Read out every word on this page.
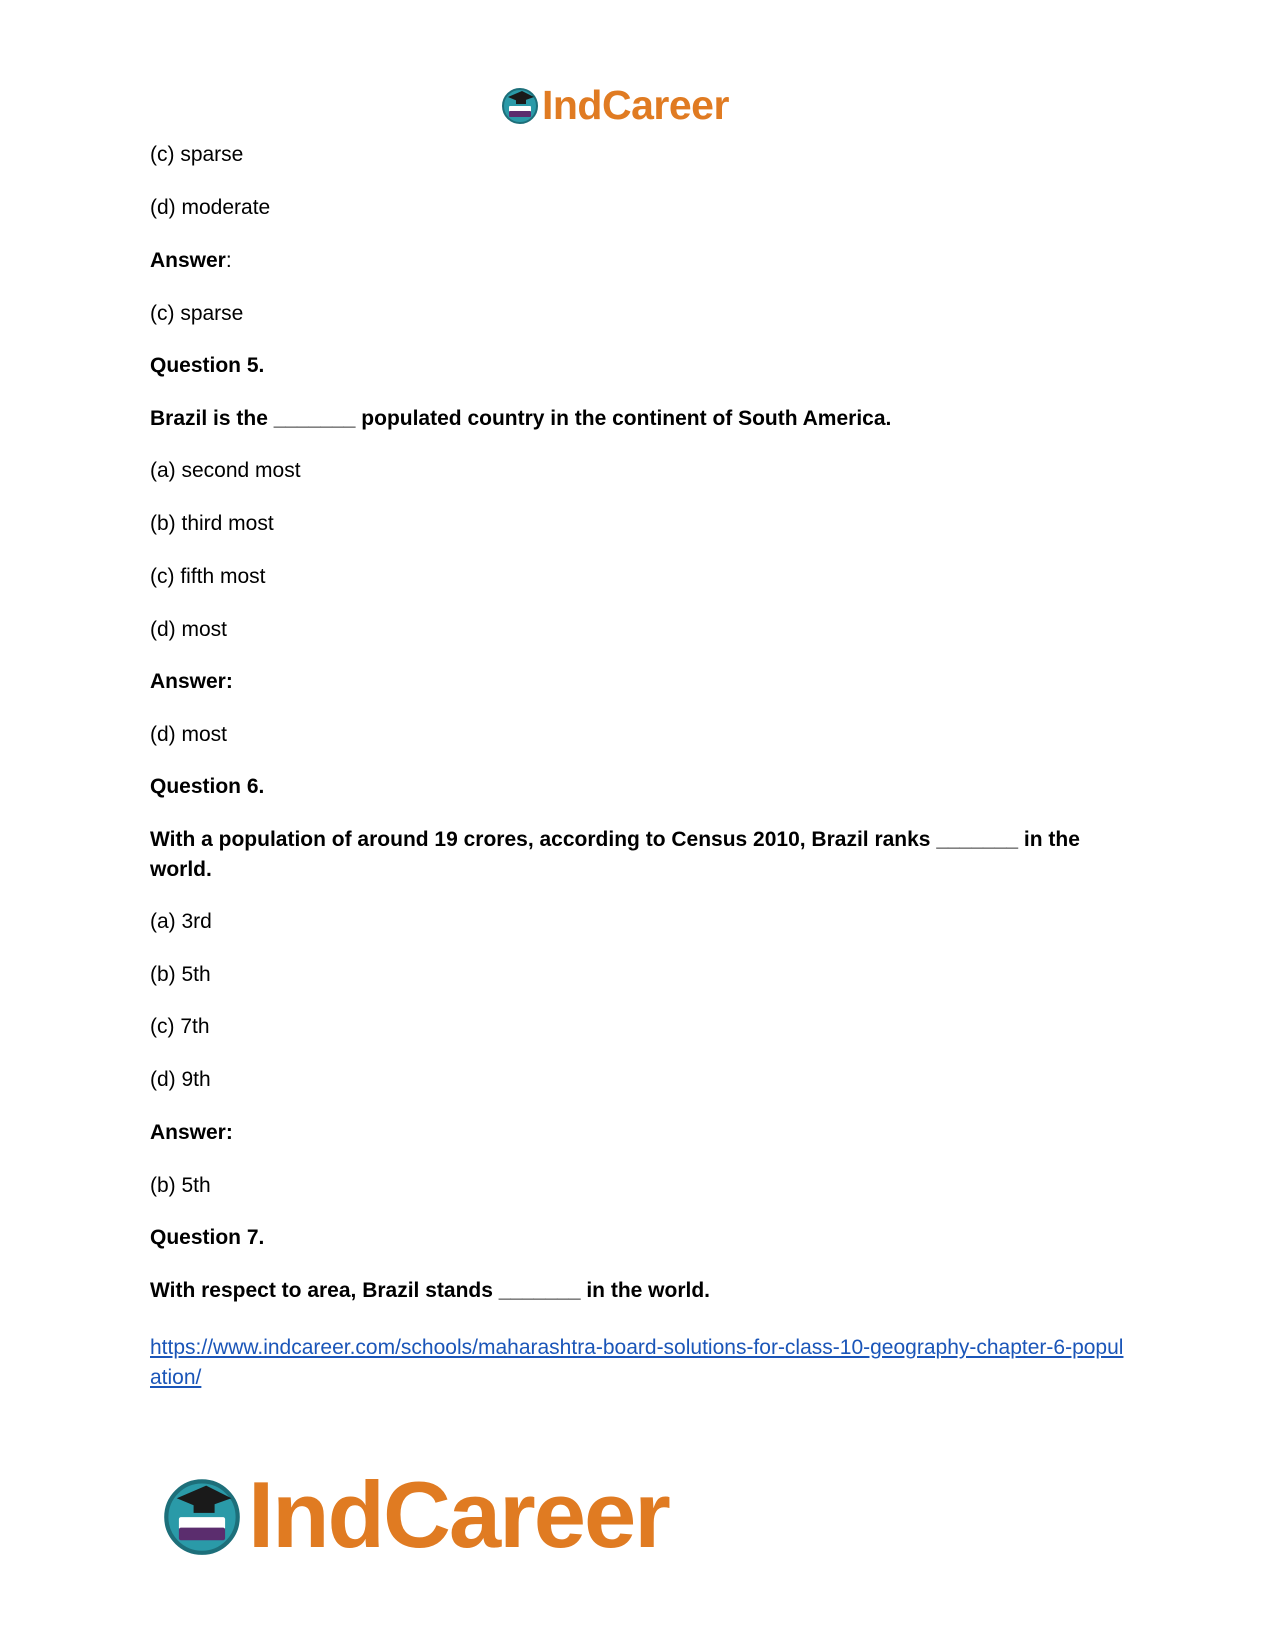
IndCareer
(c) sparse
(d) moderate
Answer:
(c) sparse
Question 5.
Brazil is the _______ populated country in the continent of South America.
(a) second most
(b) third most
(c) fifth most
(d) most
Answer:
(d) most
Question 6.
With a population of around 19 crores, according to Census 2010, Brazil ranks _______ in the world.
(a) 3rd
(b) 5th
(c) 7th
(d) 9th
Answer:
(b) 5th
Question 7.
With respect to area, Brazil stands _______ in the world.
https://www.indcareer.com/schools/maharashtra-board-solutions-for-class-10-geography-chapter-6-population/
IndCareer
